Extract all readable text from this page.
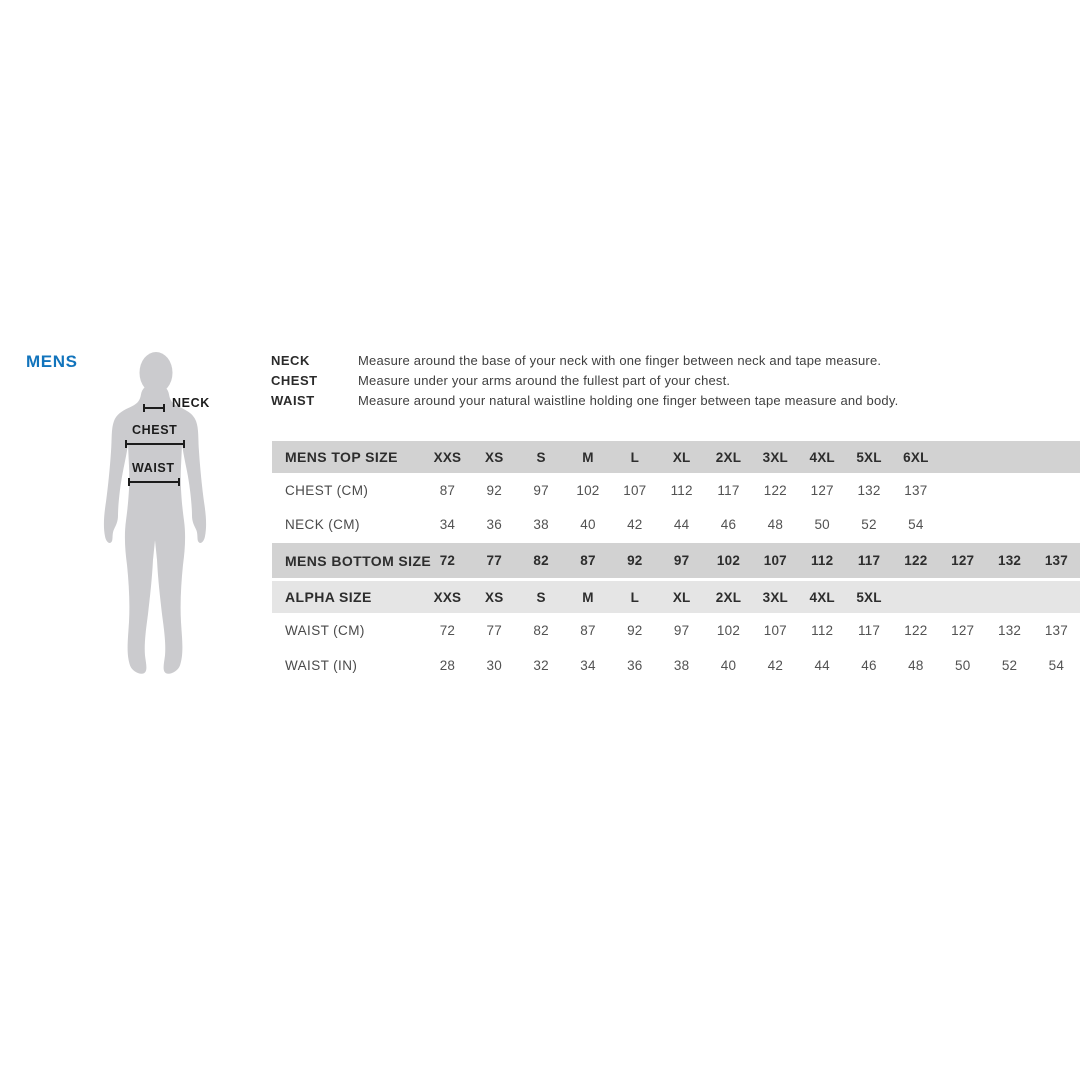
MENS
NECK
CHEST
WAIST
NECK	Measure around the base of your neck with one finger between neck and tape measure.
CHEST	Measure under your arms around the fullest part of your chest.
WAIST	Measure around your natural waistline holding one finger between tape measure and body.
MENS TOP SIZE	XXS	XS	S	M	L	XL	2XL	3XL	4XL	5XL	6XL
CHEST (CM)	87	92	97	102	107	112	117	122	127	132	137
NECK (CM)	34	36	38	40	42	44	46	48	50	52	54
MENS BOTTOM SIZE 72	77	82	87	92	97	102	107	112	117	122	127	132	137
ALPHA SIZE	XXS	XS	S	M	L	XL	2XL	3XL	4XL	5XL
WAIST (CM)	72	77	82	87	92	97	102	107	112	117	122	127	132	137
WAIST (IN)	28	30	32	34	36	38	40	42	44	46	48	50	52	54
